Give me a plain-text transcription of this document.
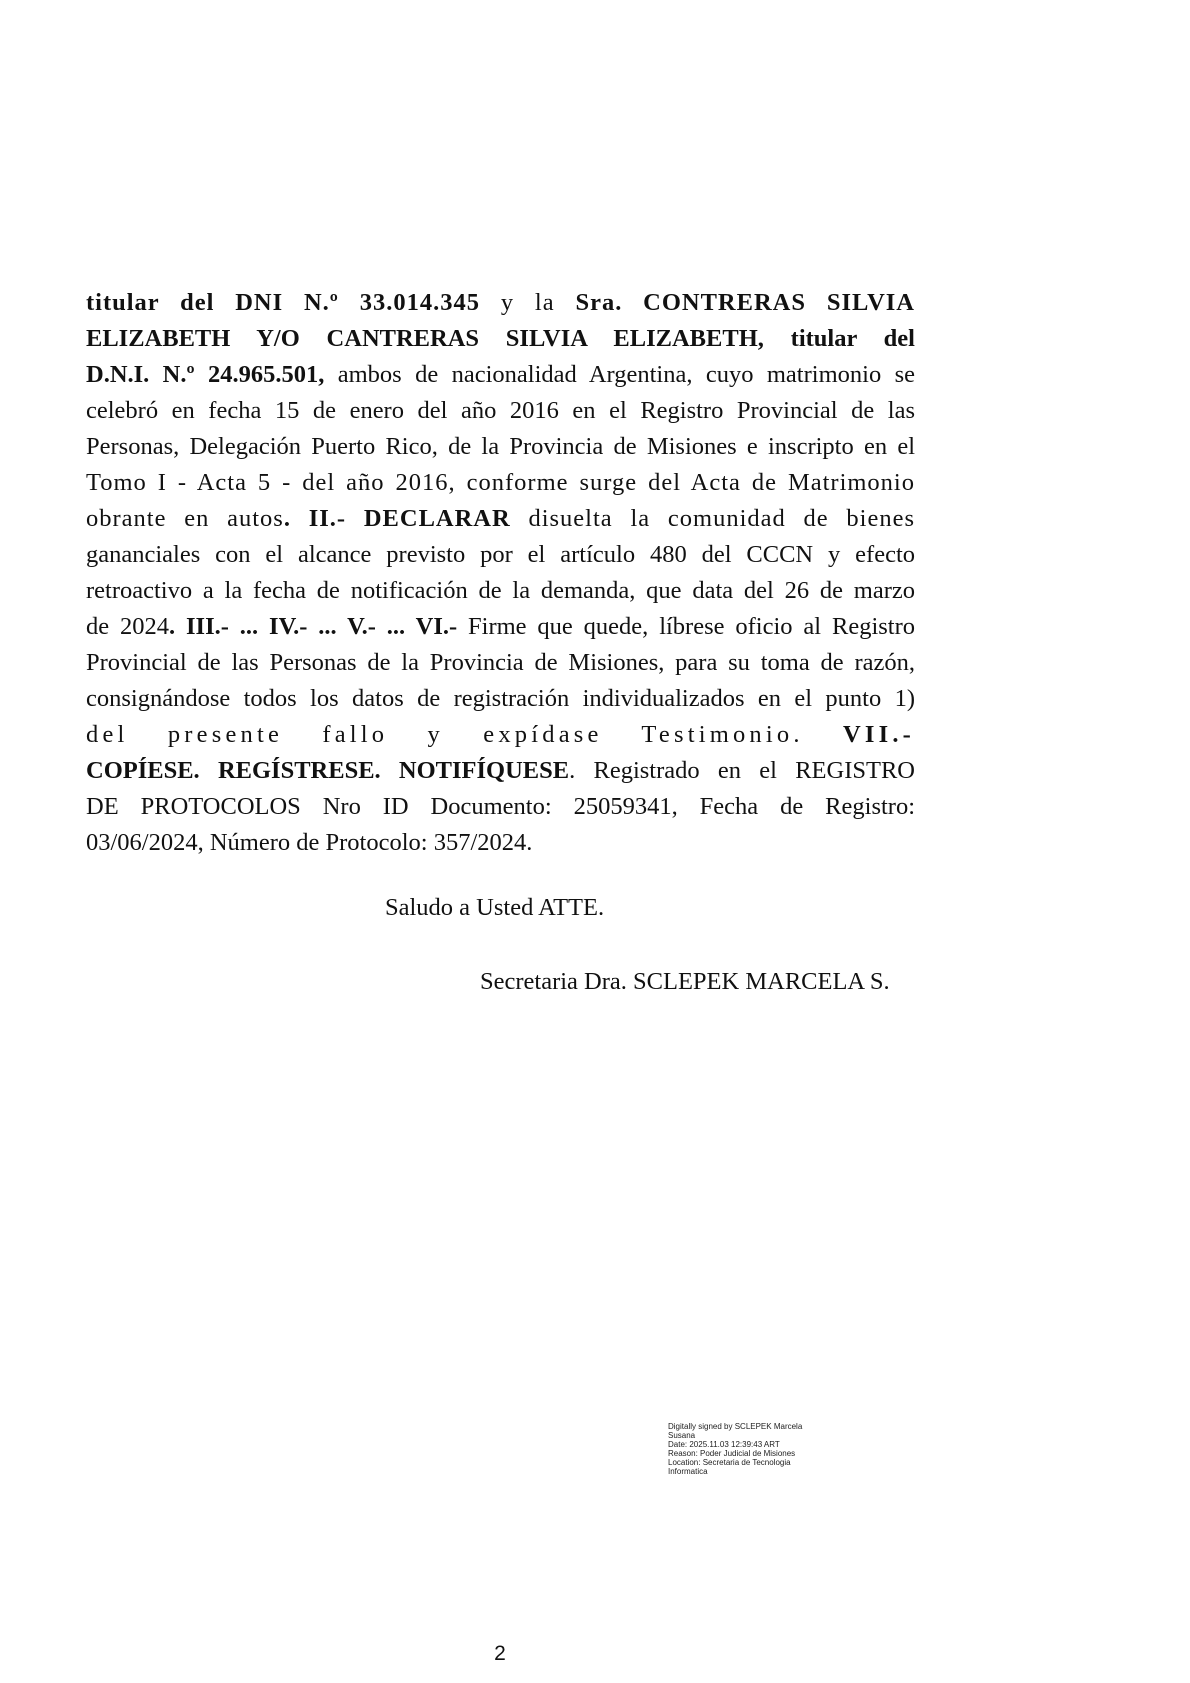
titular del DNI N.º 33.014.345 y la Sra. CONTRERAS SILVIA
ELIZABETH Y/O CANTRERAS SILVIA ELIZABETH, titular del
D.N.I. N.º 24.965.501, ambos de nacionalidad Argentina, cuyo matrimonio se
celebró en fecha 15 de enero del año 2016 en el Registro Provincial de las
Personas, Delegación Puerto Rico, de la Provincia de Misiones e inscripto en el
Tomo I - Acta 5 - del año 2016, conforme surge del Acta de Matrimonio
obrante en autos. II.- DECLARAR disuelta la comunidad de bienes
gananciales con el alcance previsto por el artículo 480 del CCCN y efecto
retroactivo a la fecha de notificación de la demanda, que data del 26 de marzo
de 2024. III.- ... IV.- ... V.- ... VI.- Firme que quede, líbrese oficio al Registro
Provincial de las Personas de la Provincia de Misiones, para su toma de razón,
consignándose todos los datos de registración individualizados en el punto 1)
del presente fallo y expídase Testimonio. VII.-
COPÍESE. REGÍSTRESE. NOTIFÍQUESE. Registrado en el REGISTRO
DE PROTOCOLOS Nro ID Documento: 25059341, Fecha de Registro:
03/06/2024, Número de Protocolo: 357/2024.
Saludo a Usted ATTE.
Secretaria Dra. SCLEPEK MARCELA S.
Digitally signed by SCLEPEK Marcela
Susana
Date: 2025.11.03 12:39:43 ART
Reason: Poder Judicial de Misiones
Location: Secretaria de Tecnologia
Informatica
2
